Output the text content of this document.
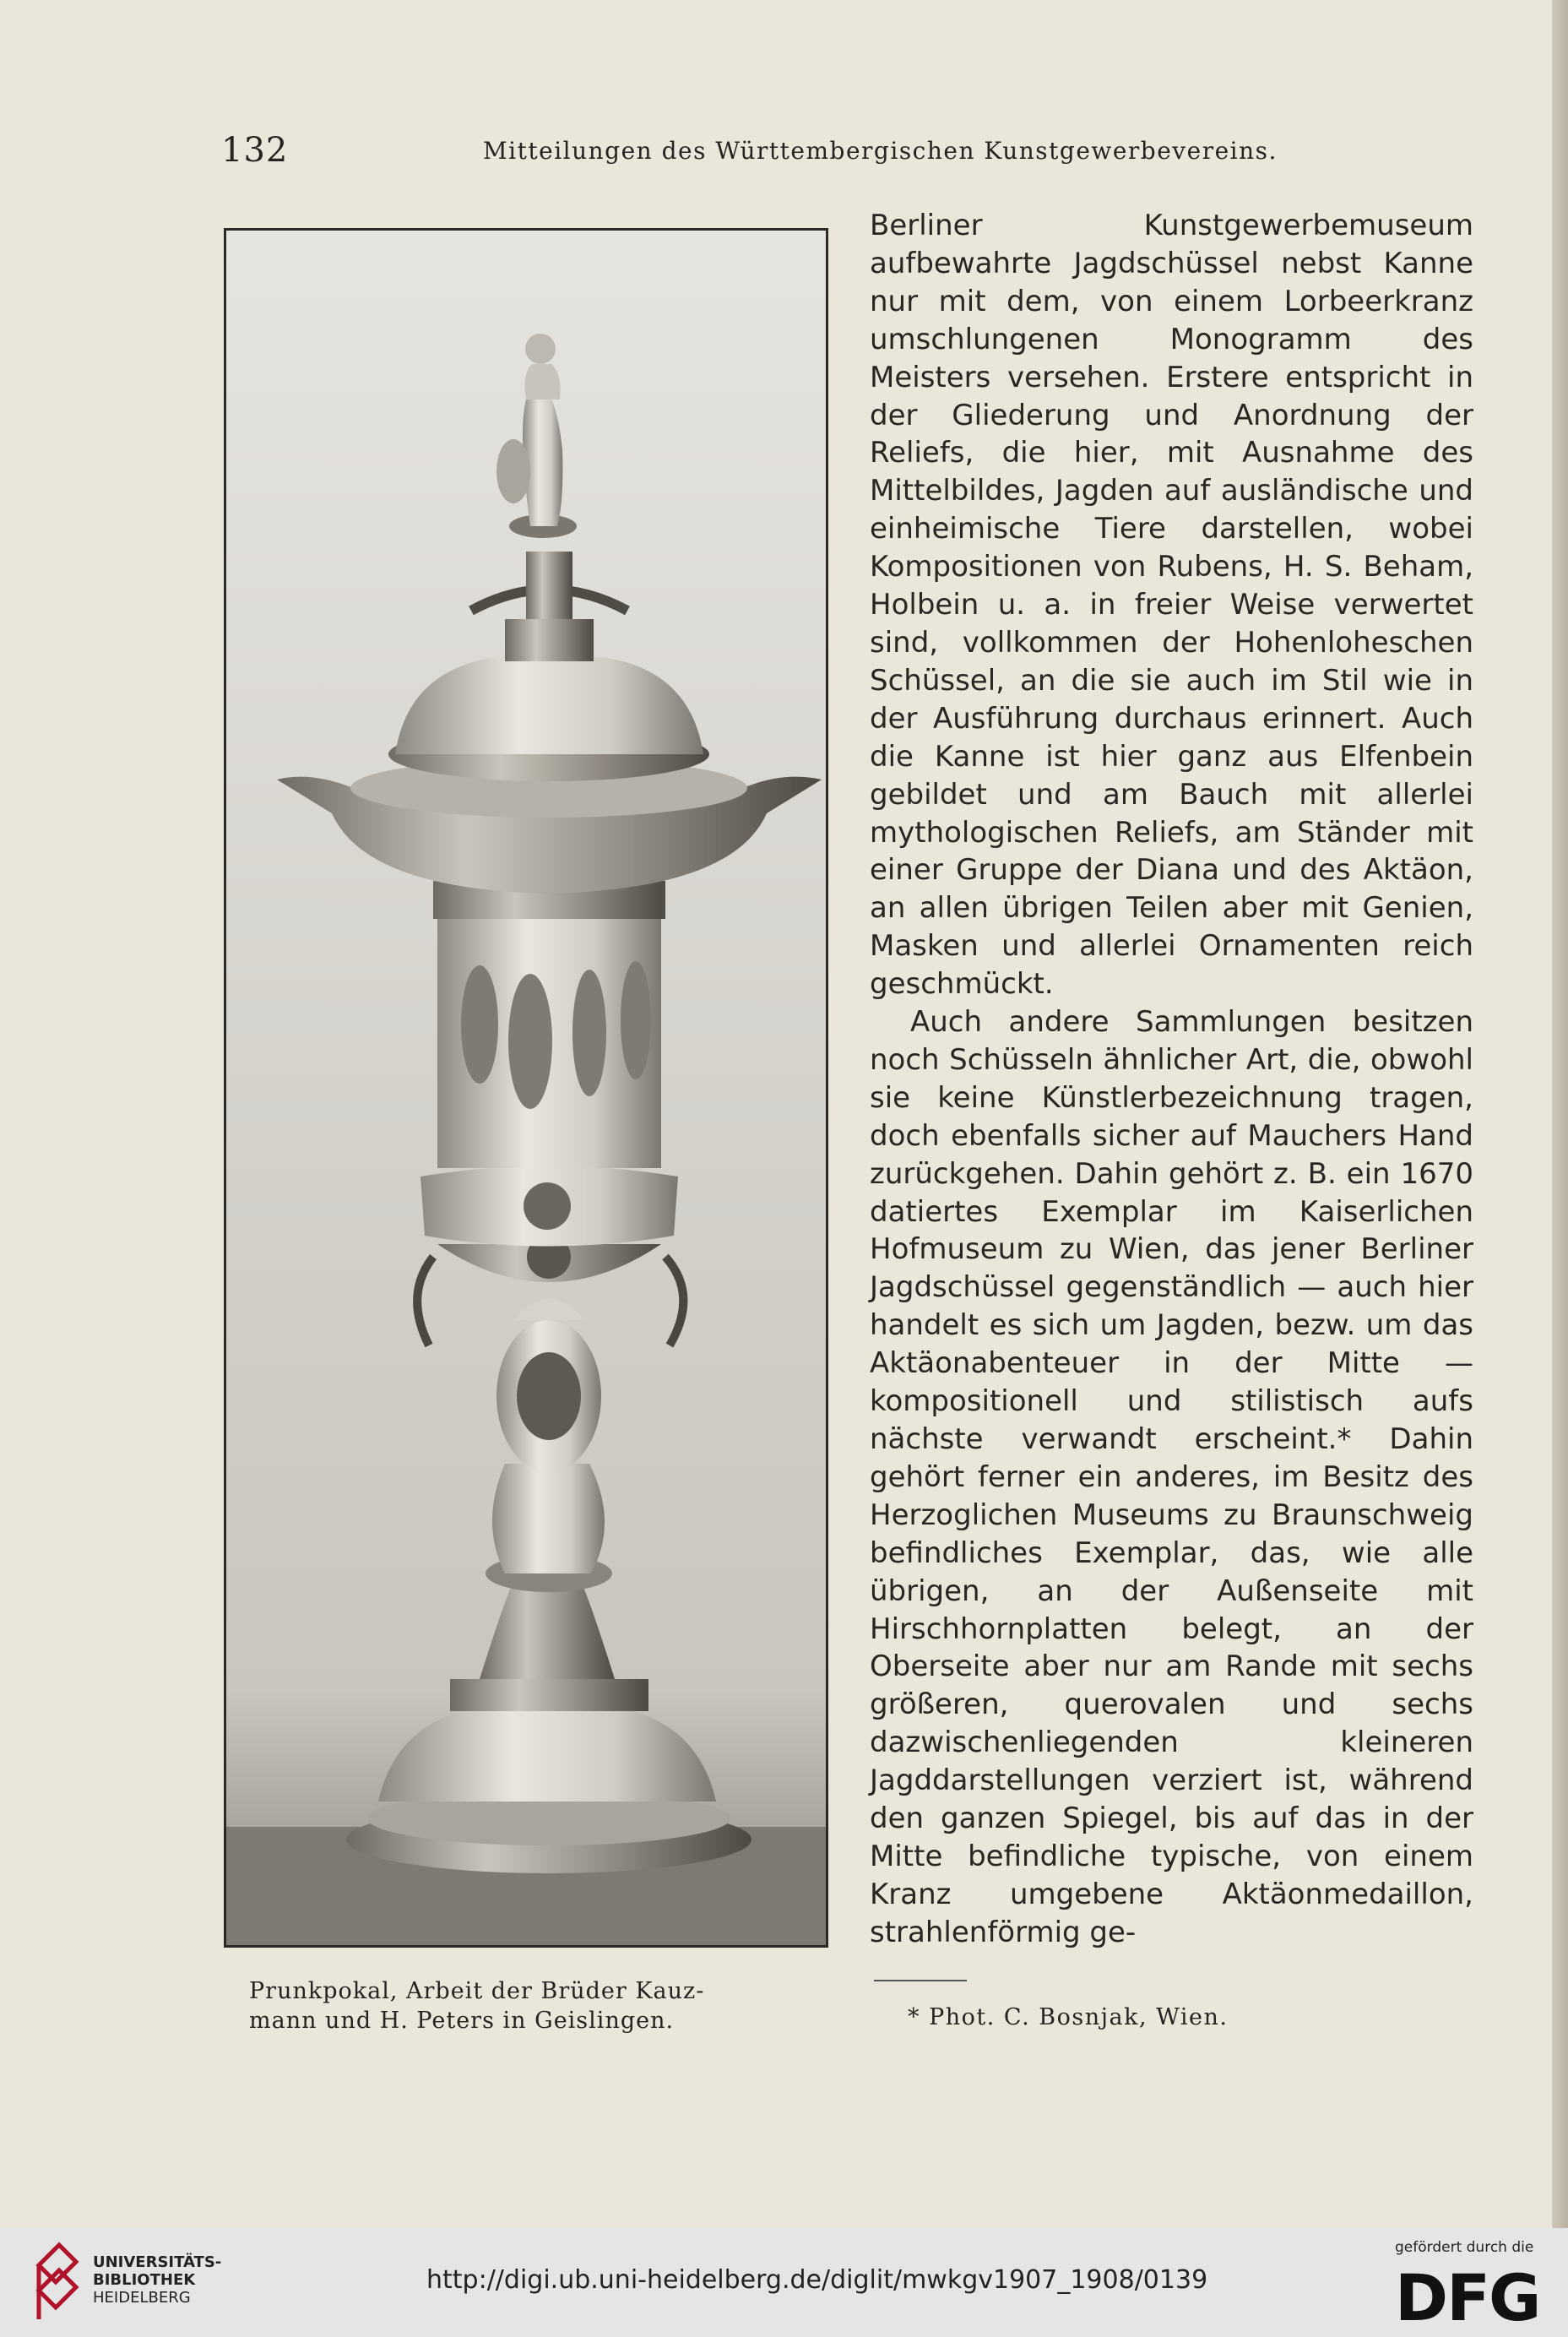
132	Mitteilungen des Württembergischen Kunstgewerbevereins.
Prunkpokal, Arbeit der Brüder Kauz-
mann und H. Peters in Geislingen.

Berliner Kunstgewerbemuseum aufbewahrte Jagdschüssel nebst Kanne nur mit dem, von einem Lorbeerkranz umschlungenen Monogramm des Meisters versehen. Erstere entspricht in der Gliederung und Anordnung der Reliefs, die hier, mit Ausnahme des Mittelbildes, Jagden auf ausländische und einheimische Tiere darstellen, wobei Kompositionen von Rubens, H. S. Beham, Holbein u. a. in freier Weise verwertet sind, vollkommen der Hohenloheschen Schüssel, an die sie auch im Stil wie in der Ausführung durchaus erinnert. Auch die Kanne ist hier ganz aus Elfenbein gebildet und am Bauch mit allerlei mythologischen Reliefs, am Ständer mit einer Gruppe der Diana und des Aktäon, an allen übrigen Teilen aber mit Genien, Masken und allerlei Ornamenten reich geschmückt.

Auch andere Sammlungen besitzen noch Schüsseln ähnlicher Art, die, obwohl sie keine Künstlerbezeichnung tragen, doch ebenfalls sicher auf Mauchers Hand zurückgehen. Dahin gehört z. B. ein 1670 datiertes Exemplar im Kaiserlichen Hofmuseum zu Wien, das jener Berliner Jagdschüssel gegenständlich — auch hier handelt es sich um Jagden, bezw. um das Aktäonabenteuer in der Mitte — kompositionell und stilistisch aufs nächste verwandt erscheint.* Dahin gehört ferner ein anderes, im Besitz des Herzoglichen Museums zu Braunschweig befindliches Exemplar, das, wie alle übrigen, an der Außenseite mit Hirschhornplatten belegt, an der Oberseite aber nur am Rande mit sechs größeren, querovalen und sechs dazwischenliegenden kleineren Jagddarstellungen verziert ist, während den ganzen Spiegel, bis auf das in der Mitte befindliche typische, von einem Kranz umgebene Aktäonmedaillon, strahlenförmig ge-

* Phot. C. Bosnjak, Wien.
UNIVERSITÄTS-
BIBLIOTHEK
HEIDELBERG
http://digi.ub.uni-heidelberg.de/diglit/mwkgv1907_1908/0139
gefördert durch die
DFG
